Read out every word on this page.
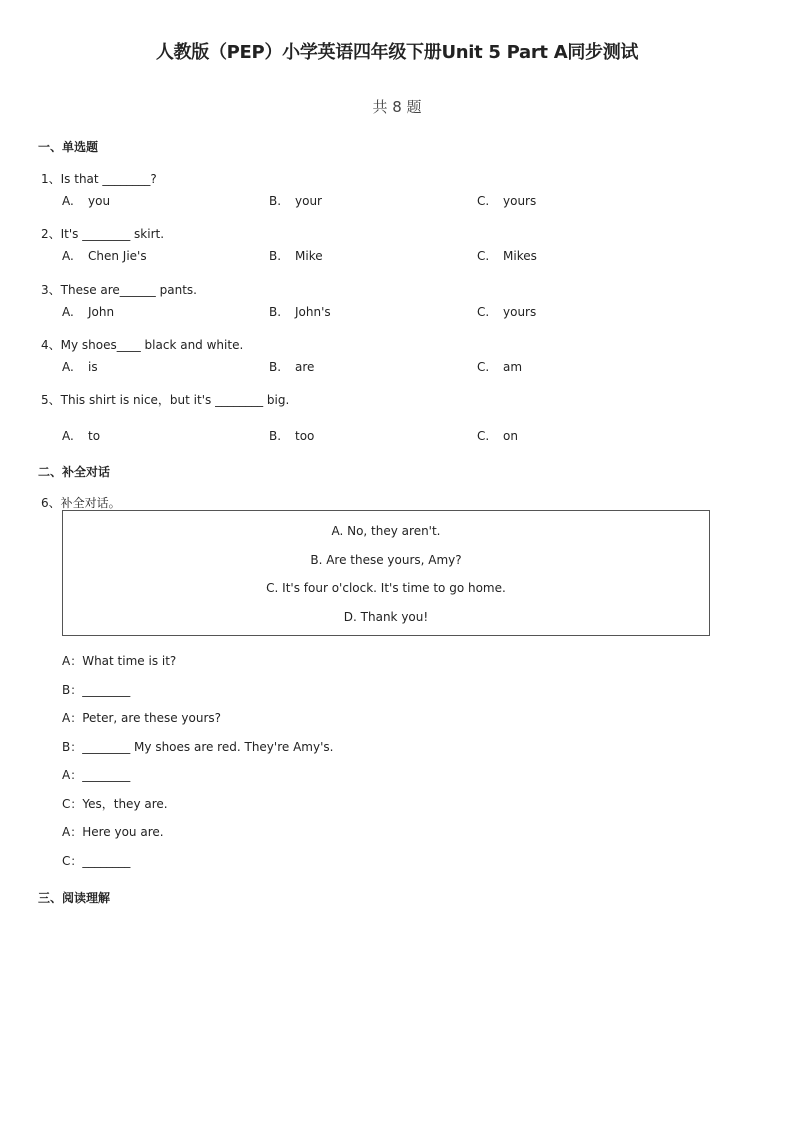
人教版（PEP）小学英语四年级下册Unit 5 Part A同步测试
共 8 题
一、单选题
1、Is that ________?
A. you	B. your	C. yours
2、It's ________ skirt.
A. Chen Jie's	B. Mike	C. Mikes
3、These are______ pants.
A. John	B. John's	C. yours
4、My shoes____ black and white.
A. is	B. are	C. am
5、This shirt is nice，but it's ________ big.
A. to	B. too	C. on
二、补全对话
6、补全对话。
A. No, they aren't.
B. Are these yours, Amy?
C. It's four o'clock. It's time to go home.
D. Thank you!
A：What time is it?
B：________
A：Peter, are these yours?
B：________ My shoes are red. They're Amy's.
A：________
C：Yes，they are.
A：Here you are.
C：________
三、阅读理解
